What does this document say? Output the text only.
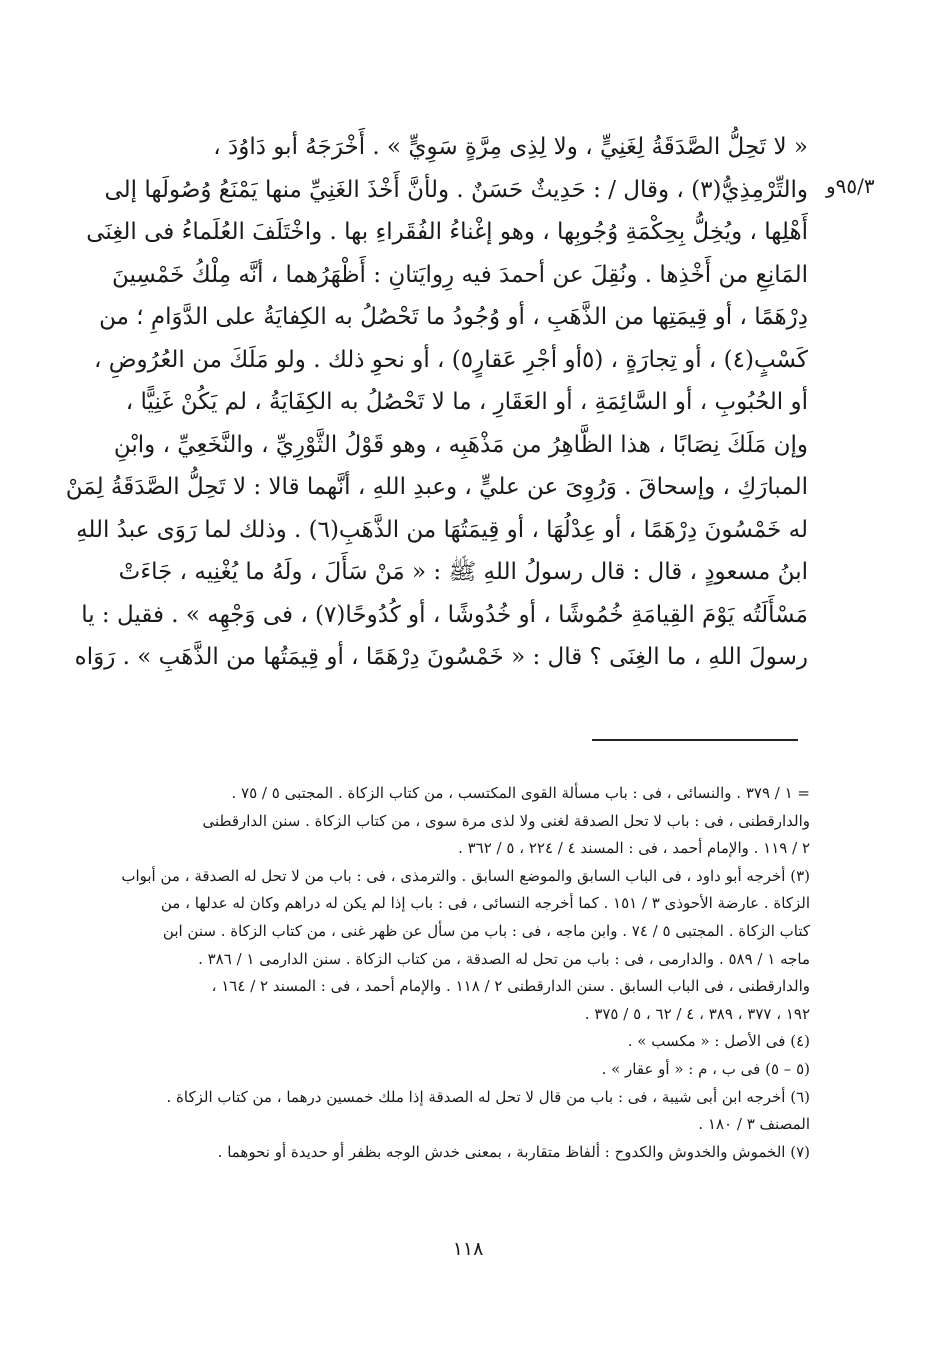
٩٥/٣و
« لا تَحِلُّ الصَّدَقَةُ لِغَنِيٍّ ، ولا لِذِى مِرَّةٍ سَوِيٍّ » . أَخْرَجَهُ أبو دَاوُدَ ،
والتِّرْمِذِيُّ(٣) ، وقال / : حَدِيثٌ حَسَنٌ . ولأنَّ أَخْذَ الغَنِيِّ منها يَمْنَعُ وُصُولَها إلى
أَهْلِها ، ويُخِلُّ بِحِكْمَةِ وُجُوبِها ، وهو إغْناءُ الفُقَراءِ بها . واخْتَلَفَ العُلَماءُ فى الغِنَى
المَانِعِ من أَخْذِها . ونُقِلَ عن أحمدَ فيه رِوايَتانِ : أَظْهَرُهما ، أنَّه مِلْكُ خَمْسِينَ
دِرْهَمًا ، أو قِيمَتِها من الذَّهَبِ ، أو وُجُودُ ما تَحْصُلُ به الكِفايَةُ على الدَّوَامِ ؛ من
كَسْبٍ(٤) ، أو تِجارَةٍ ، (٥أو أجْرِ عَقارٍ٥) ، أو نحوِ ذلك . ولو مَلَكَ من العُرُوضِ ،
أو الحُبُوبِ ، أو السَّائِمَةِ ، أو العَقَارِ ، ما لا تَحْصُلُ به الكِفَايَةُ ، لم يَكُنْ غَنِيًّا ،
وإن مَلَكَ نِصَابًا ، هذا الظَّاهِرُ من مَذْهَبِه ، وهو قَوْلُ الثَّوْرِيِّ ، والنَّخَعِيِّ ، وابْنِ
المبارَكِ ، وإسحاقَ . وَرُوِىَ عن عليٍّ ، وعبدِ اللهِ ، أنَّهما قالا : لا تَحِلُّ الصَّدَقَةُ لِمَنْ
له خَمْسُونَ دِرْهَمًا ، أو عِدْلُهَا ، أو قِيمَتُهَا من الذَّهَبِ(٦) . وذلك لما رَوَى عبدُ اللهِ
ابنُ مسعودٍ ، قال : قال رسولُ اللهِ ﷺ : « مَنْ سَأَلَ ، ولَهُ ما يُغْنِيه ، جَاءَتْ
مَسْأَلَتُه يَوْمَ القِيامَةِ خُمُوشًا ، أو خُدُوشًا ، أو كُدُوحًا(٧) ، فى وَجْهِه » . فقيل : يا
رسولَ اللهِ ، ما الغِنَى ؟ قال : « خَمْسُونَ دِرْهَمًا ، أو قِيمَتُها من الذَّهَبِ » . رَوَاه
= ١ / ٣٧٩ . والنسائى ، فى : باب مسألة القوى المكتسب ، من كتاب الزكاة . المجتبى ٥ / ٧٥ .
والدارقطنى ، فى : باب لا تحل الصدقة لغنى ولا لذى مرة سوى ، من كتاب الزكاة . سنن الدارقطنى
٢ / ١١٩ . والإمام أحمد ، فى : المسند ٤ / ٢٢٤ ، ٥ / ٣٦٢ .
(٣) أخرجه أبو داود ، فى الباب السابق والموضع السابق . والترمذى ، فى : باب من لا تحل له الصدقة ، من أبواب
الزكاة . عارضة الأحوذى ٣ / ١٥١ . كما أخرجه النسائى ، فى : باب إذا لم يكن له دراهم وكان له عدلها ، من
كتاب الزكاة . المجتبى ٥ / ٧٤ . وابن ماجه ، فى : باب من سأل عن ظهر غنى ، من كتاب الزكاة . سنن ابن
ماجه ١ / ٥٨٩ . والدارمى ، فى : باب من تحل له الصدقة ، من كتاب الزكاة . سنن الدارمى ١ / ٣٨٦ .
والدارقطنى ، فى الباب السابق . سنن الدارقطنى ٢ / ١١٨ . والإمام أحمد ، فى : المسند ٢ / ١٦٤ ،
١٩٢ ، ٣٧٧ ، ٣٨٩ ، ٤ / ٦٢ ، ٥ / ٣٧٥ .
(٤) فى الأصل : « مكسب » .
(٥ – ٥) فى ب ، م : « أو عقار » .
(٦) أخرجه ابن أبى شيبة ، فى : باب من قال لا تحل له الصدقة إذا ملك خمسين درهما ، من كتاب الزكاة .
المصنف ٣ / ١٨٠ .
(٧) الخموش والخدوش والكدوح : ألفاظ متقاربة ، بمعنى خدش الوجه بظفر أو حديدة أو نحوهما .
١١٨
